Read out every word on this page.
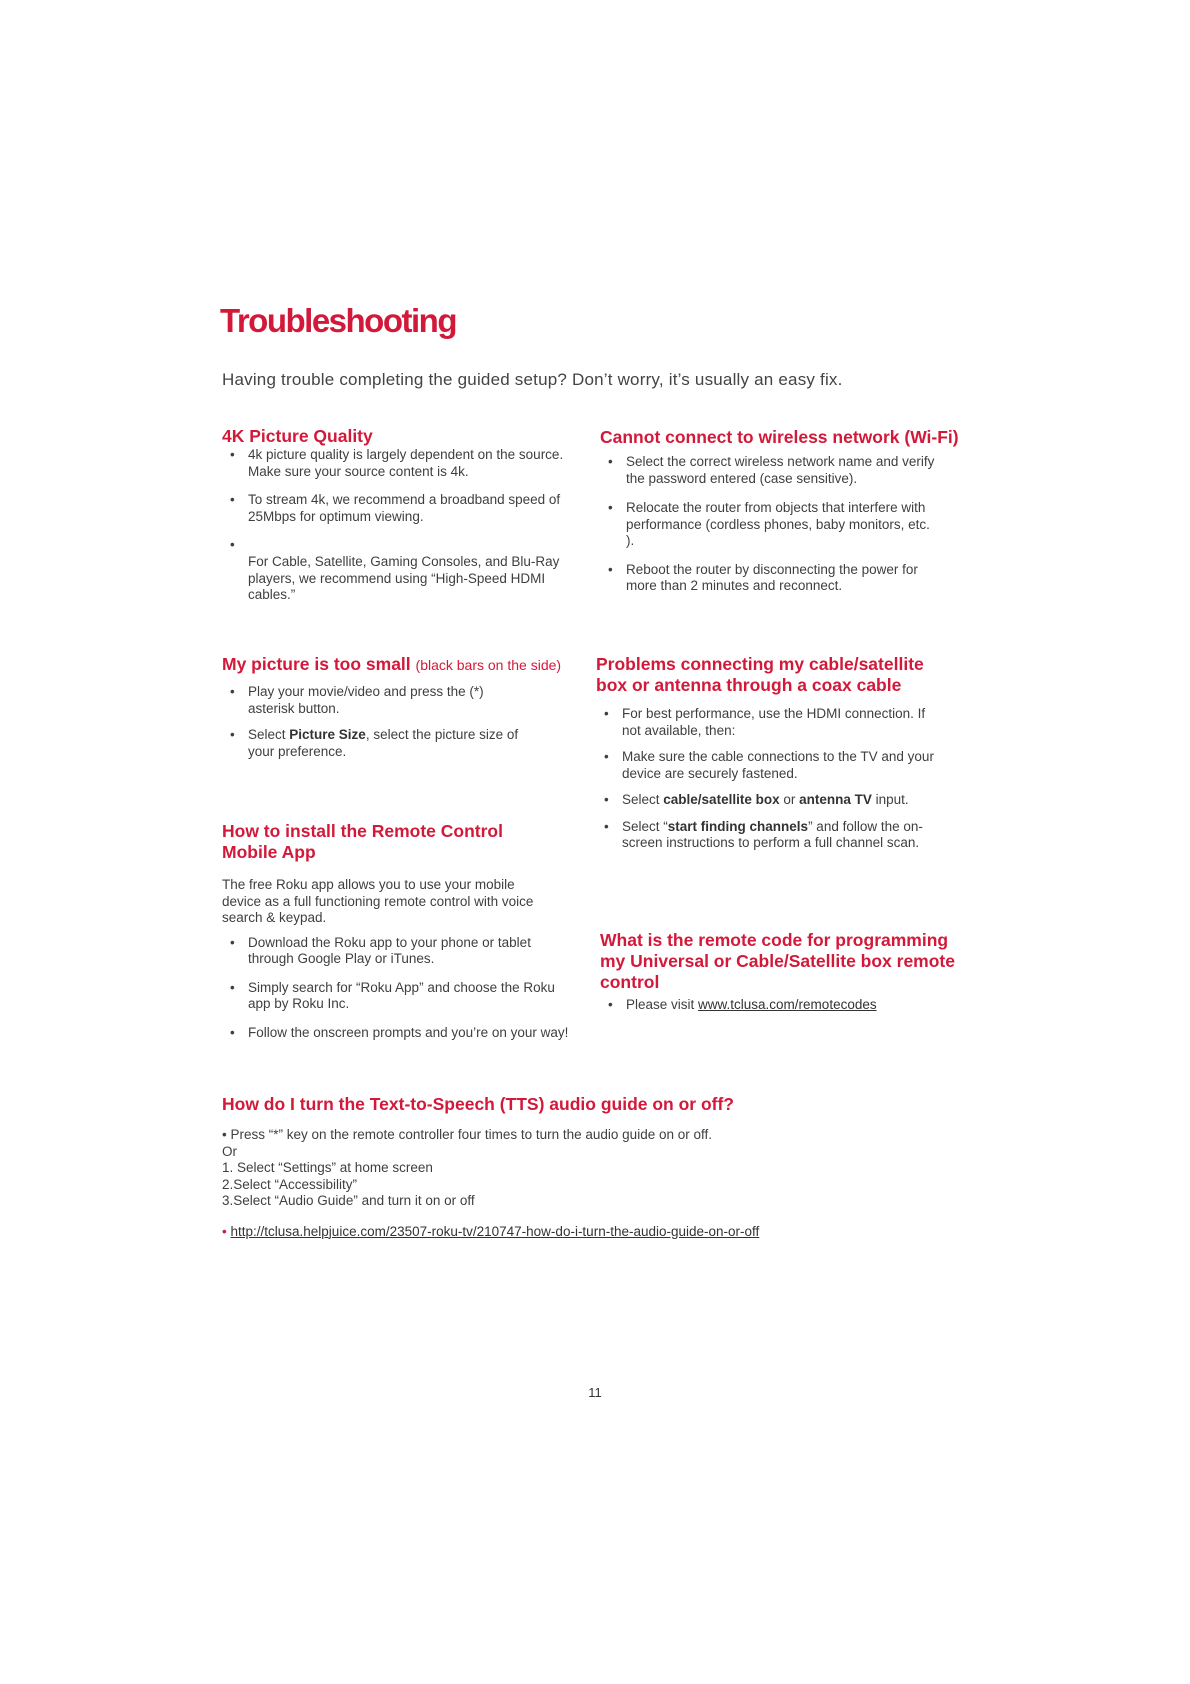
Troubleshooting
Having trouble completing the guided setup? Don’t worry, it’s usually an easy fix.
4K Picture Quality
• 4k picture quality is largely dependent on the source. Make sure your source content is 4k.
• To stream 4k, we recommend a broadband speed of 25Mbps for optimum viewing.
•
For Cable, Satellite, Gaming Consoles, and Blu-Ray players, we recommend using “High-Speed HDMI cables.”
Cannot connect to wireless network (Wi-Fi)
• Select the correct wireless network name and verify the password entered (case sensitive).
• Relocate the router from objects that interfere with performance (cordless phones, baby monitors, etc. ).
• Reboot the router by disconnecting the power for more than 2 minutes and reconnect.
My picture is too small (black bars on the side)
• Play your movie/video and press the (*) asterisk button.
• Select Picture Size, select the picture size of your preference.
Problems connecting my cable/satellite box or antenna through a coax cable
• For best performance, use the HDMI connection. If not available, then:
• Make sure the cable connections to the TV and your device are securely fastened.
• Select cable/satellite box or antenna TV input.
• Select “start finding channels” and follow the on-screen instructions to perform a full channel scan.
How to install the Remote Control Mobile App
The free Roku app allows you to use your mobile device as a full functioning remote control with voice search & keypad.
• Download the Roku app to your phone or tablet through Google Play or iTunes.
• Simply search for “Roku App” and choose the Roku app by Roku Inc.
• Follow the onscreen prompts and you’re on your way!
What is the remote code for programming my Universal or Cable/Satellite box remote control
• Please visit www.tclusa.com/remotecodes
How do I turn the Text-to-Speech (TTS) audio guide on or off?
• Press “*” key on the remote controller four times to turn the audio guide on or off.
Or
1. Select “Settings” at home screen
2.Select “Accessibility”
3.Select “Audio Guide” and turn it on or off
• http://tclusa.helpjuice.com/23507-roku-tv/210747-how-do-i-turn-the-audio-guide-on-or-off
11
